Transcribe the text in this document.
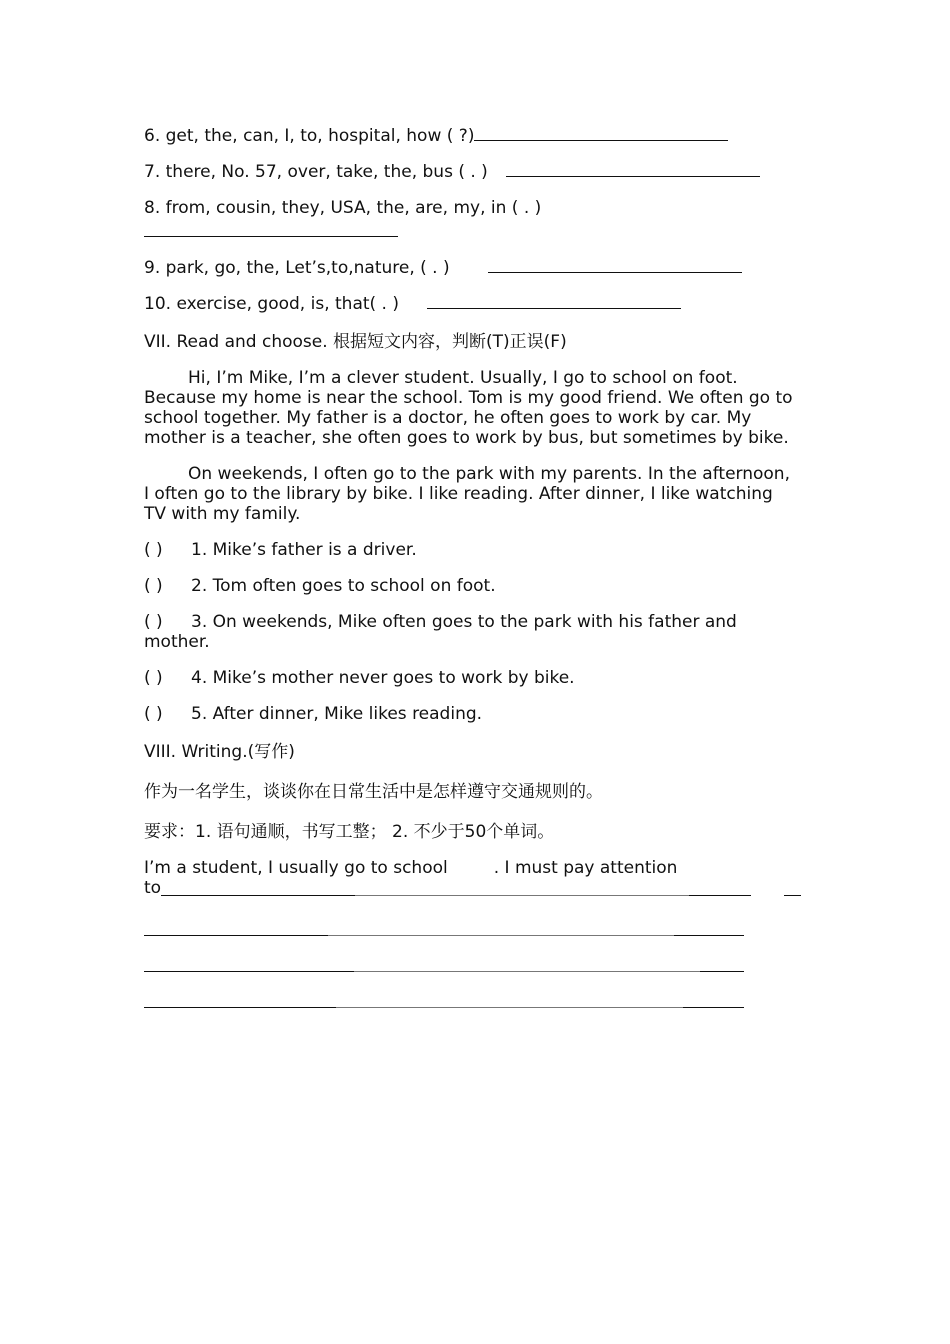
6. get, the, can, I, to, hospital, how ( ?)
7. there, No. 57, over, take, the, bus ( . )
8. from, cousin, they, USA, the, are, my, in ( . )
9. park, go, the, Let’s,to,nature, ( . )
10. exercise, good, is, that( . )
VII. Read and choose. 根据短文内容，判断(T)正误(F)

Hi, I’m Mike, I’m a clever student. Usually, I go to school on foot. Because my home is near the school. Tom is my good friend. We often go to school together. My father is a doctor, he often goes to work by car. My mother is a teacher, she often goes to work by bus, but sometimes by bike.

On weekends, I often go to the park with my parents. In the afternoon, I often go to the library by bike. I like reading. After dinner, I like watching TV with my family.

( ) 1. Mike’s father is a driver.
( ) 2. Tom often goes to school on foot.
( ) 3. On weekends, Mike often goes to the park with his father and mother.
( ) 4. Mike’s mother never goes to work by bike.
( ) 5. After dinner, Mike likes reading.
VIII. Writing.(写作)
作为一名学生，谈谈你在日常生活中是怎样遵守交通规则的。
要求：1. 语句通顺，书写工整； 2. 不少于50个单词。
I’m a student, I usually go to school	. I must pay attention
to
